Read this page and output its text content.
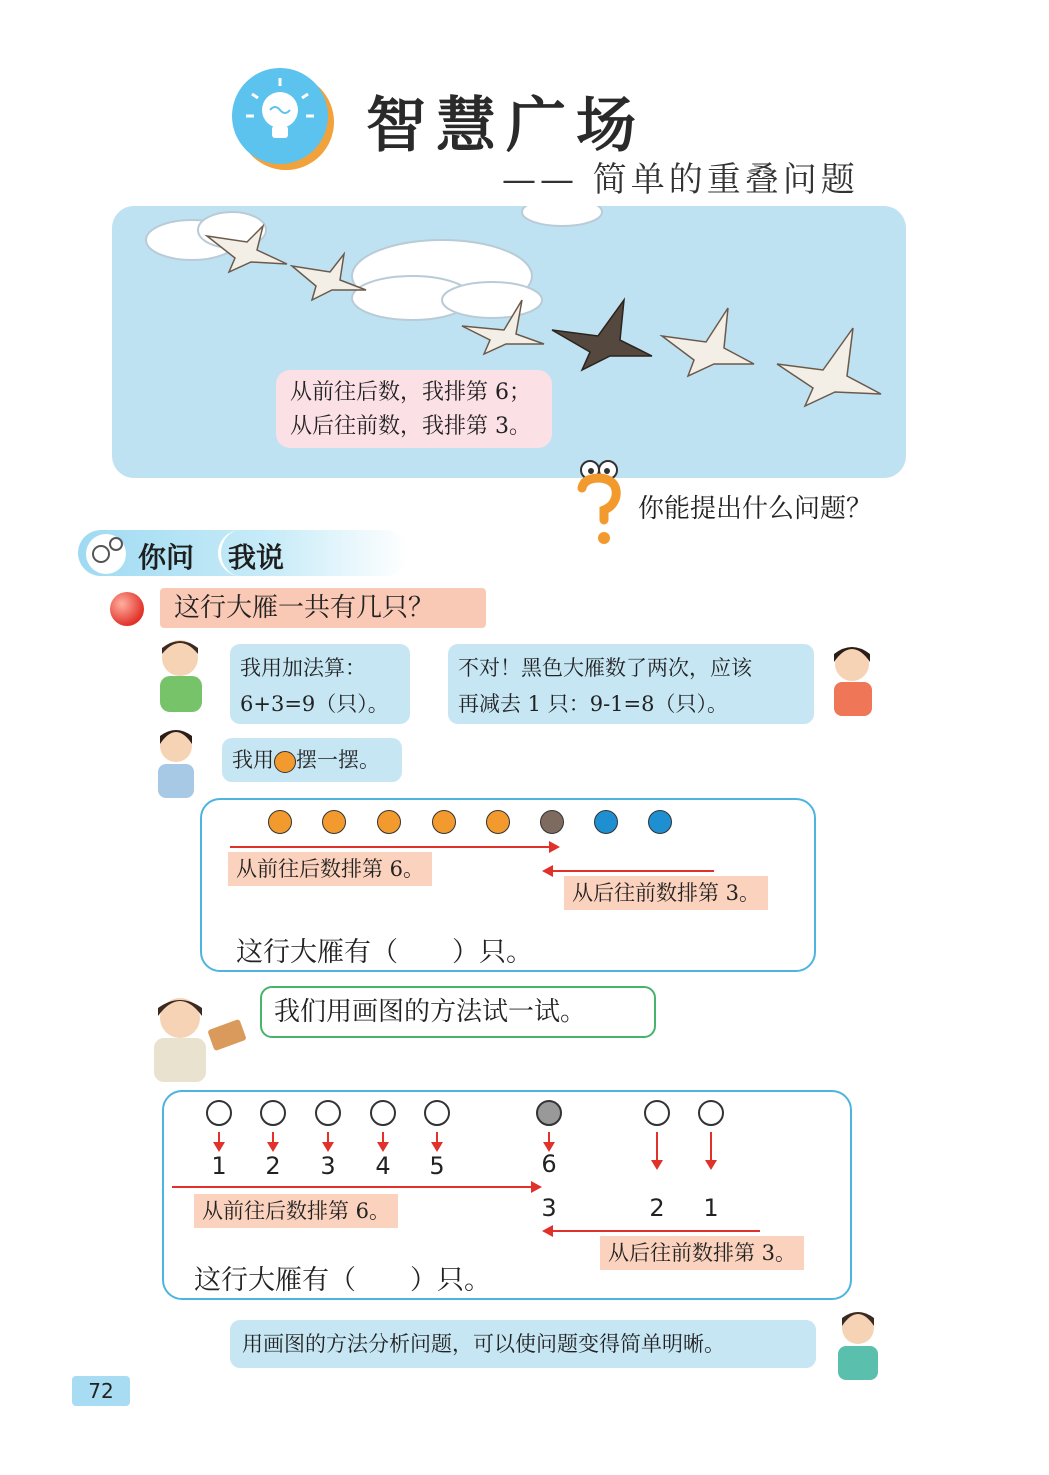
智慧广场
—— 简单的重叠问题
从前往后数，我排第 6；
从后往前数，我排第 3。
你能提出什么问题？
你问 我说
这行大雁一共有几只？
我用加法算：
6+3=9（只）。
不对！黑色大雁数了两次，应该
再减去 1 只：9-1=8（只）。
我用 摆一摆。
从前往后数排第 6。
从后往前数排第 3。
这行大雁有（　　）只。
我们用画图的方法试一试。
1	2	3	4	5	6
从前往后数排第 6。	3	2	1
从后往前数排第 3。
这行大雁有（　　）只。
用画图的方法分析问题，可以使问题变得简单明晰。
72
